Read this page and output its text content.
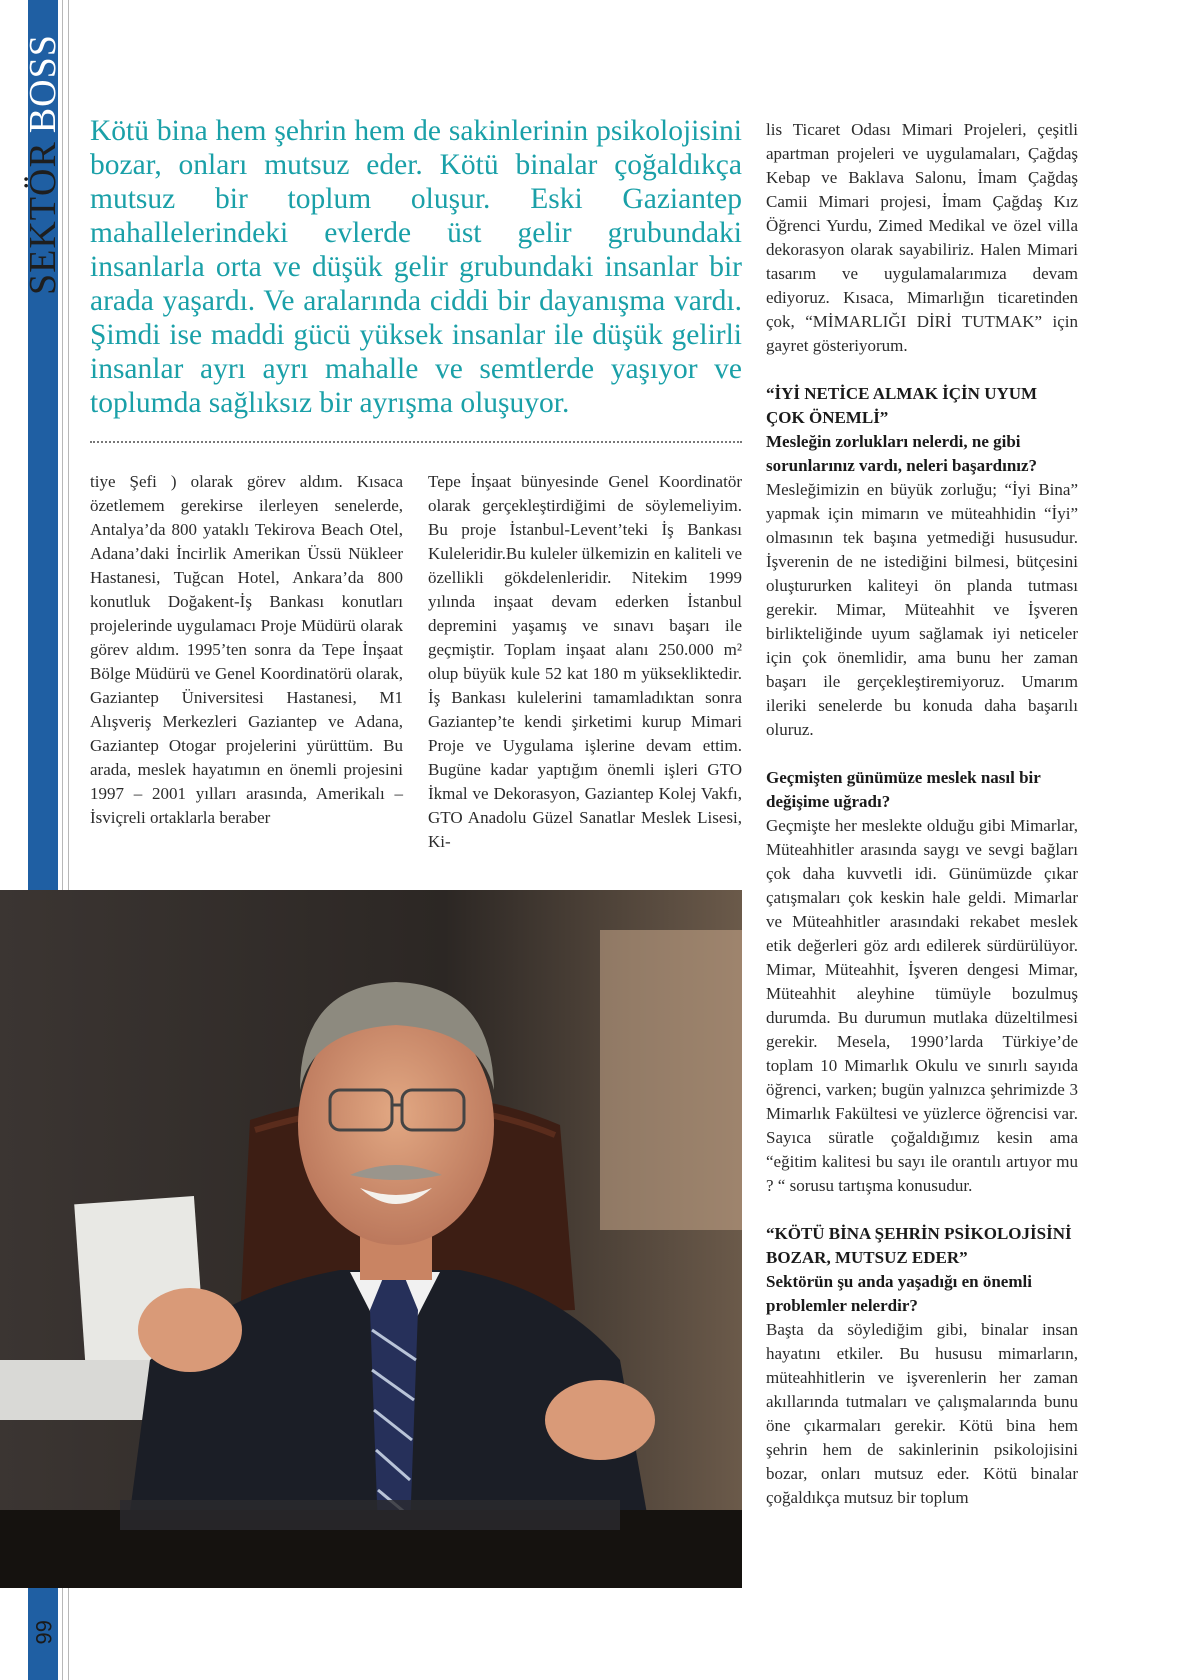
SEKTÖR
BOSS
66

Kötü bina hem şehrin hem de sakinlerinin psikolojisini bozar, onları mutsuz eder. Kötü binalar çoğaldıkça mutsuz bir toplum oluşur. Eski Gaziantep mahallelerindeki evlerde üst gelir grubundaki insanlarla orta ve düşük gelir grubundaki insanlar bir arada yaşardı. Ve aralarında ciddi bir dayanışma vardı. Şimdi ise maddi gücü yüksek insanlar ile düşük gelirli insanlar ayrı ayrı mahalle ve semtlerde yaşıyor ve toplumda sağlıksız bir ayrışma oluşuyor.

tiye Şefi ) olarak görev aldım. Kısaca özetlemem gerekirse ilerleyen senelerde, Antalya’da 800 yataklı Tekirova Beach Otel, Adana’daki İncirlik Amerikan Üssü Nükleer Hastanesi, Tuğcan Hotel, Ankara’da 800 konutluk Doğakent-İş Bankası konutları projelerinde uygulamacı Proje Müdürü olarak görev aldım. 1995’ten sonra da Tepe İnşaat Bölge Müdürü ve Genel Koordinatörü olarak, Gaziantep Üniversitesi Hastanesi, M1 Alışveriş Merkezleri Gaziantep ve Adana, Gaziantep Otogar projelerini yürüttüm. Bu arada, meslek hayatımın en önemli projesini 1997 – 2001 yılları arasında, Amerikalı – İsviçreli ortaklarla beraber

Tepe İnşaat bünyesinde Genel Koordinatör olarak gerçekleştirdiğimi de söylemeliyim. Bu proje İstanbul-Levent’teki İş Bankası Kuleleridir.Bu kuleler ülkemizin en kaliteli ve özellikli gökdelenleridir. Nitekim 1999 yılında inşaat devam ederken İstanbul depremini yaşamış ve sınavı başarı ile geçmiştir. Toplam inşaat alanı 250.000 m² olup büyük kule 52 kat 180 m yüksekliktedir. İş Bankası kulelerini tamamladıktan sonra Gaziantep’te kendi şirketimi kurup Mimari Proje ve Uygulama işlerine devam ettim. Bugüne kadar yaptığım önemli işleri GTO İkmal ve Dekorasyon, Gaziantep Kolej Vakfı, GTO Anadolu Güzel Sanatlar Meslek Lisesi, Ki-

lis Ticaret Odası Mimari Projeleri, çeşitli apartman projeleri ve uygulamaları, Çağdaş Kebap ve Baklava Salonu, İmam Çağdaş Camii Mimari projesi, İmam Çağdaş Kız Öğrenci Yurdu, Zimed Medikal ve özel villa dekorasyon olarak sayabiliriz. Halen Mimari tasarım ve uygulamalarımıza devam ediyoruz. Kısaca, Mimarlığın ticaretinden çok, “MİMARLIĞI DİRİ TUTMAK” için gayret gösteriyorum.

“İYİ NETİCE ALMAK İÇİN UYUM ÇOK ÖNEMLİ”

Mesleğin zorlukları nelerdi, ne gibi sorunlarınız vardı, neleri başardınız?

Mesleğimizin en büyük zorluğu; “İyi Bina” yapmak için mimarın ve müteahhidin “İyi” olmasının tek başına yetmediği hususudur. İşverenin de ne istediğini bilmesi, bütçesini oluştururken kaliteyi ön planda tutması gerekir. Mimar, Müteahhit ve İşveren birlikteliğinde uyum sağlamak iyi neticeler için çok önemlidir, ama bunu her zaman başarı ile gerçekleştiremiyoruz. Umarım ileriki senelerde bu konuda daha başarılı oluruz.

Geçmişten günümüze meslek nasıl bir değişime uğradı?

Geçmişte her meslekte olduğu gibi Mimarlar, Müteahhitler arasında saygı ve sevgi bağları çok daha kuvvetli idi. Günümüzde çıkar çatışmaları çok keskin hale geldi. Mimarlar ve Müteahhitler arasındaki rekabet meslek etik değerleri göz ardı edilerek sürdürülüyor. Mimar, Müteahhit, İşveren dengesi Mimar, Müteahhit aleyhine tümüyle bozulmuş durumda. Bu durumun mutlaka düzeltilmesi gerekir. Mesela, 1990’larda Türkiye’de toplam 10 Mimarlık Okulu ve sınırlı sayıda öğrenci, varken; bugün yalnızca şehrimizde 3 Mimarlık Fakültesi ve yüzlerce öğrencisi var. Sayıca süratle çoğaldığımız kesin ama “eğitim kalitesi bu sayı ile orantılı artıyor mu ? “ sorusu tartışma konusudur.

“KÖTÜ BİNA ŞEHRİN PSİKOLOJİSİNİ BOZAR, MUTSUZ EDER”

Sektörün şu anda yaşadığı en önemli problemler nelerdir?

Başta da söylediğim gibi, binalar insan hayatını etkiler. Bu hususu mimarların, müteahhitlerin ve işverenlerin her zaman akıllarında tutmaları ve çalışmalarında bunu öne çıkarmaları gerekir. Kötü bina hem şehrin hem de sakinlerinin psikolojisini bozar, onları mutsuz eder. Kötü binalar çoğaldıkça mutsuz bir toplum
